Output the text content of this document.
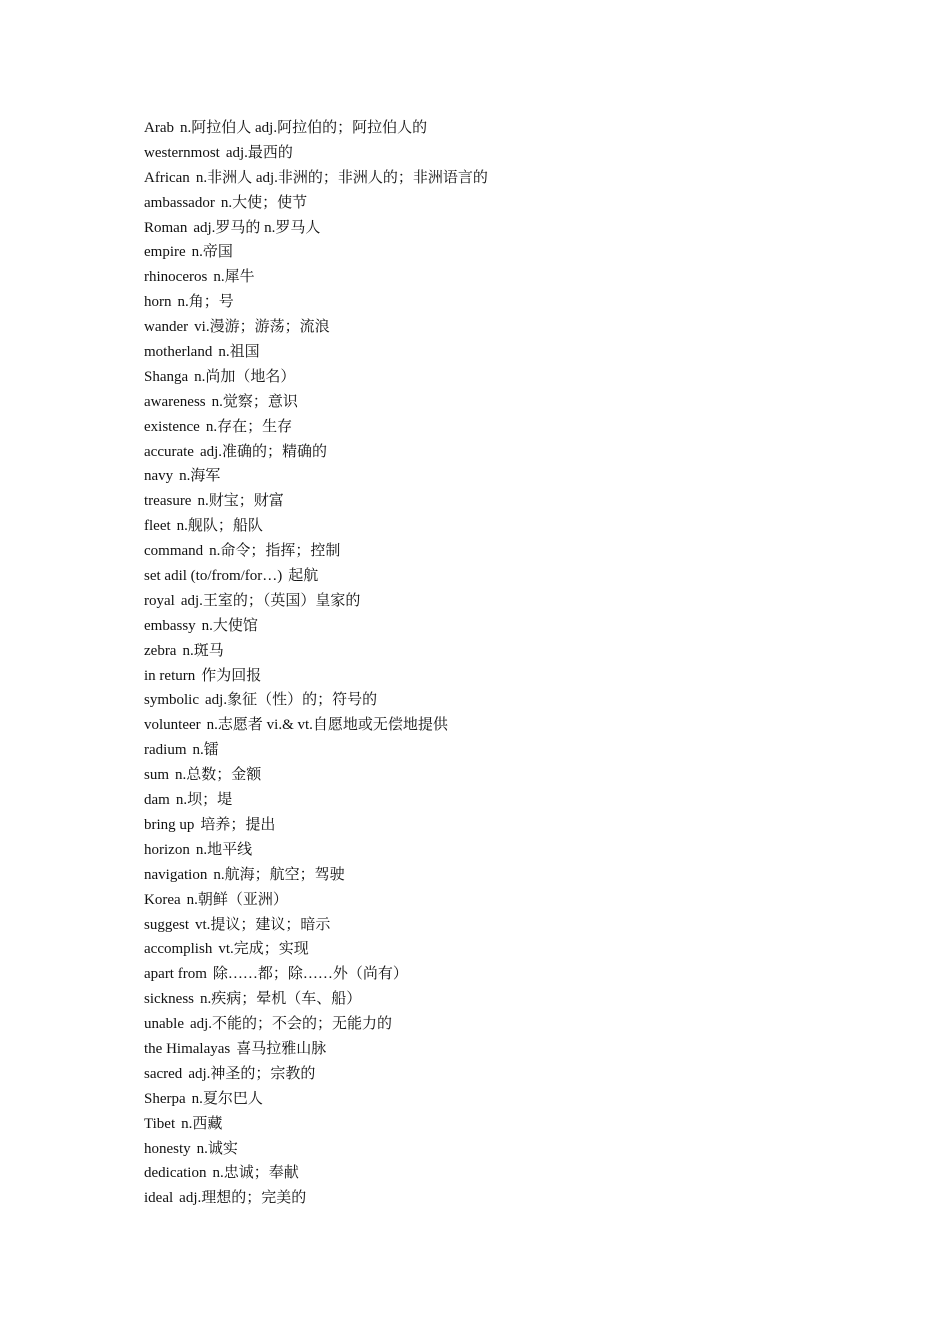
Arab n.阿拉伯人 adj.阿拉伯的；阿拉伯人的
westernmost adj.最西的
African n.非洲人 adj.非洲的；非洲人的；非洲语言的
ambassador n.大使；使节
Roman adj.罗马的 n.罗马人
empire n.帝国
rhinoceros n.犀牛
horn n.角；号
wander vi.漫游；游荡；流浪
motherland n.祖国
Shanga n.尚加（地名）
awareness n.觉察；意识
existence n.存在；生存
accurate adj.准确的；精确的
navy n.海军
treasure n.财宝；财富
fleet n.舰队；船队
command n.命令；指挥；控制
set adil (to/from/for…) 起航
royal adj.王室的；（英国）皇家的
embassy n.大使馆
zebra n.斑马
in return 作为回报
symbolic adj.象征（性）的；符号的
volunteer n.志愿者 vi.& vt.自愿地或无偿地提供
radium n.镭
sum n.总数；金额
dam n.坝；堤
bring up 培养；提出
horizon n.地平线
navigation n.航海；航空；驾驶
Korea n.朝鲜（亚洲）
suggest vt.提议；建议；暗示
accomplish vt.完成；实现
apart from 除……都；除……外（尚有）
sickness n.疾病；晕机（车、船）
unable adj.不能的；不会的；无能力的
the Himalayas 喜马拉雅山脉
sacred adj.神圣的；宗教的
Sherpa n.夏尔巴人
Tibet n.西藏
honesty n.诚实
dedication n.忠诚；奉献
ideal adj.理想的；完美的
